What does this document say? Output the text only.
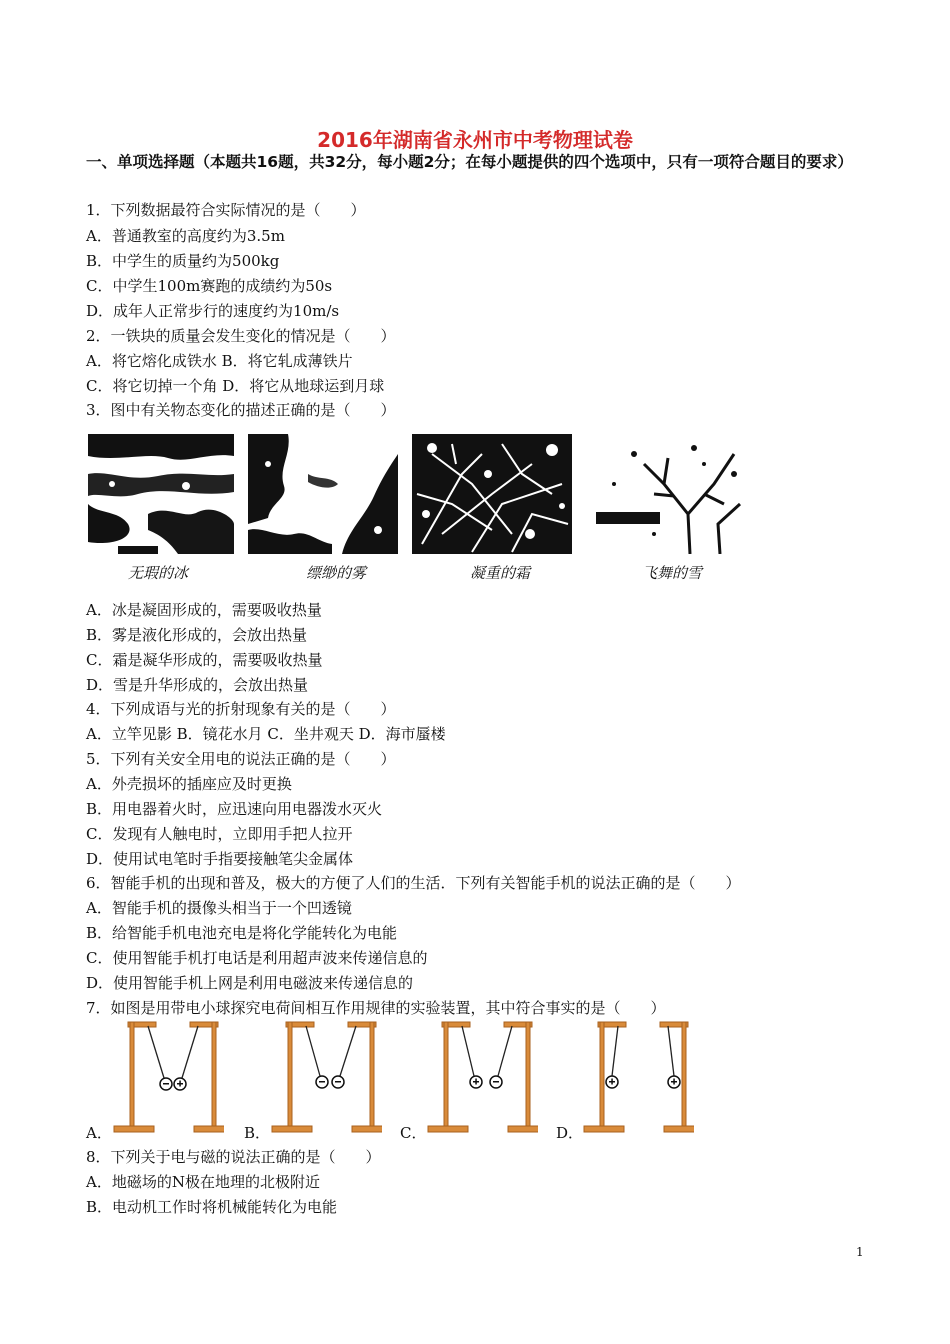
2016年湖南省永州市中考物理试卷
一、单项选择题（本题共16题，共32分，每小题2分；在每小题提供的四个选项中，只有一项符合题目的要求）
1．下列数据最符合实际情况的是（　　）
A．普通教室的高度约为3.5m
B．中学生的质量约为500kg
C．中学生100m赛跑的成绩约为50s
D．成年人正常步行的速度约为10m/s
2．一铁块的质量会发生变化的情况是（　　）
A．将它熔化成铁水 B．将它轧成薄铁片
C．将它切掉一个角 D．将它从地球运到月球
3．图中有关物态变化的描述正确的是（　　）
无瑕的冰	缥缈的雾	凝重的霜	飞舞的雪
A．冰是凝固形成的，需要吸收热量
B．雾是液化形成的，会放出热量
C．霜是凝华形成的，需要吸收热量
D．雪是升华形成的，会放出热量
4．下列成语与光的折射现象有关的是（　　）
A．立竿见影 B．镜花水月 C．坐井观天 D．海市蜃楼
5．下列有关安全用电的说法正确的是（　　）
A．外壳损坏的插座应及时更换
B．用电器着火时，应迅速向用电器泼水灭火
C．发现有人触电时，立即用手把人拉开
D．使用试电笔时手指要接触笔尖金属体
6．智能手机的出现和普及，极大的方便了人们的生活．下列有关智能手机的说法正确的是（　　）
A．智能手机的摄像头相当于一个凹透镜
B．给智能手机电池充电是将化学能转化为电能
C．使用智能手机打电话是利用超声波来传递信息的
D．使用智能手机上网是利用电磁波来传递信息的
7．如图是用带电小球探究电荷间相互作用规律的实验装置，其中符合事实的是（　　）
A．	B．	C．	D．
8．下列关于电与磁的说法正确的是（　　）
A．地磁场的N极在地理的北极附近
B．电动机工作时将机械能转化为电能
1
